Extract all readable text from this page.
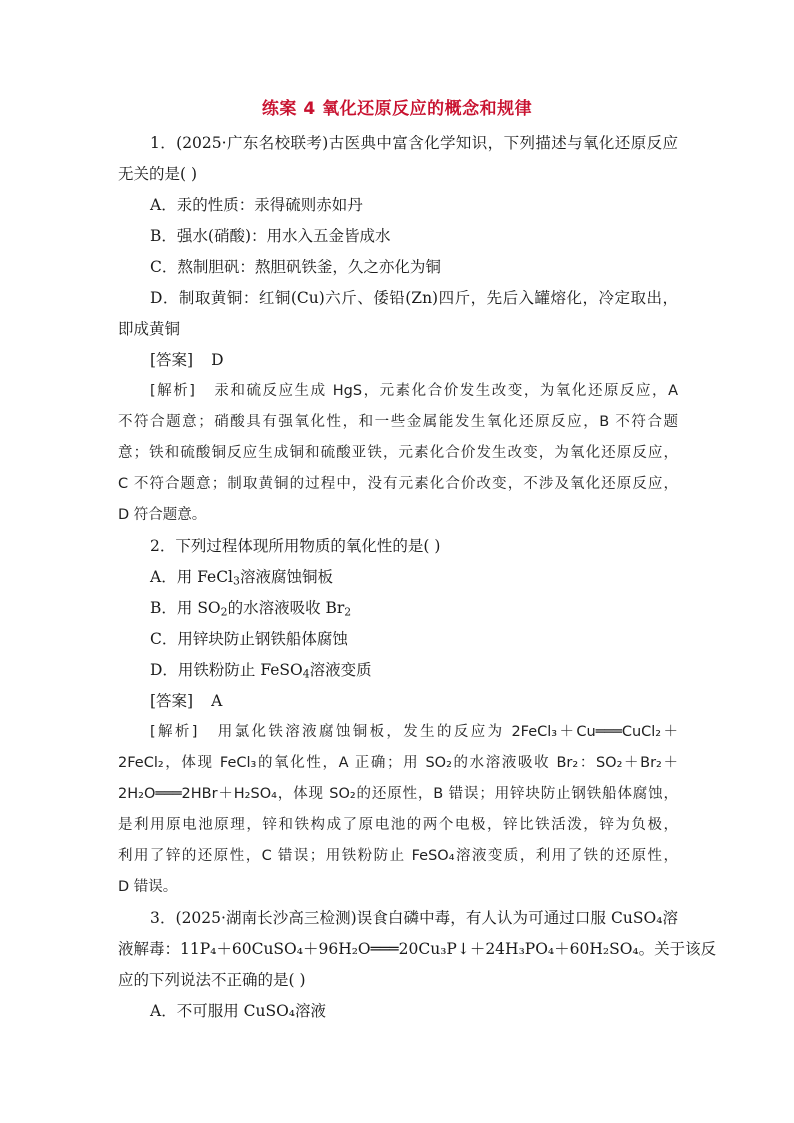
练案 4 氧化还原反应的概念和规律
1．(2025·广东名校联考)古医典中富含化学知识，下列描述与氧化还原反应
无关的是( )
A．汞的性质：汞得硫则赤如丹
B．强水(硝酸)：用水入五金皆成水
C．熬制胆矾：熬胆矾铁釜，久之亦化为铜
D．制取黄铜：红铜(Cu)六斤、倭铅(Zn)四斤，先后入罐熔化，冷定取出，
即成黄铜
[答案] D
[解析] 汞和硫反应生成 HgS，元素化合价发生改变，为氧化还原反应，A
不符合题意；硝酸具有强氧化性，和一些金属能发生氧化还原反应，B 不符合题
意；铁和硫酸铜反应生成铜和硫酸亚铁，元素化合价发生改变，为氧化还原反应，
C 不符合题意；制取黄铜的过程中，没有元素化合价改变，不涉及氧化还原反应，
D 符合题意。
2．下列过程体现所用物质的氧化性的是( )
A．用 FeCl$_3$溶液腐蚀铜板
B．用 $SO_2$的水溶液吸收 $Br_2$
C．用锌块防止钢铁船体腐蚀
D．用铁粉防止 FeSO$_4$溶液变质
[答案] A
[解析] 用氯化铁溶液腐蚀铜板，发生的反应为 2FeCl₃＋Cu═══CuCl₂＋
2FeCl₂，体现 FeCl₃的氧化性，A 正确；用 SO₂的水溶液吸收 Br₂：SO₂＋Br₂＋
2H₂O═══2HBr＋H₂SO₄，体现 SO₂的还原性，B 错误；用锌块防止钢铁船体腐蚀，
是利用原电池原理，锌和铁构成了原电池的两个电极，锌比铁活泼，锌为负极，
利用了锌的还原性，C 错误；用铁粉防止 FeSO₄溶液变质，利用了铁的还原性，
D 错误。
3．(2025·湖南长沙高三检测)误食白磷中毒，有人认为可通过口服 CuSO₄溶
液解毒：11P₄＋60CuSO₄＋96H₂O═══20Cu₃P↓＋24H₃PO₄＋60H₂SO₄。关于该反
应的下列说法不正确的是( )
A．不可服用 CuSO₄溶液
